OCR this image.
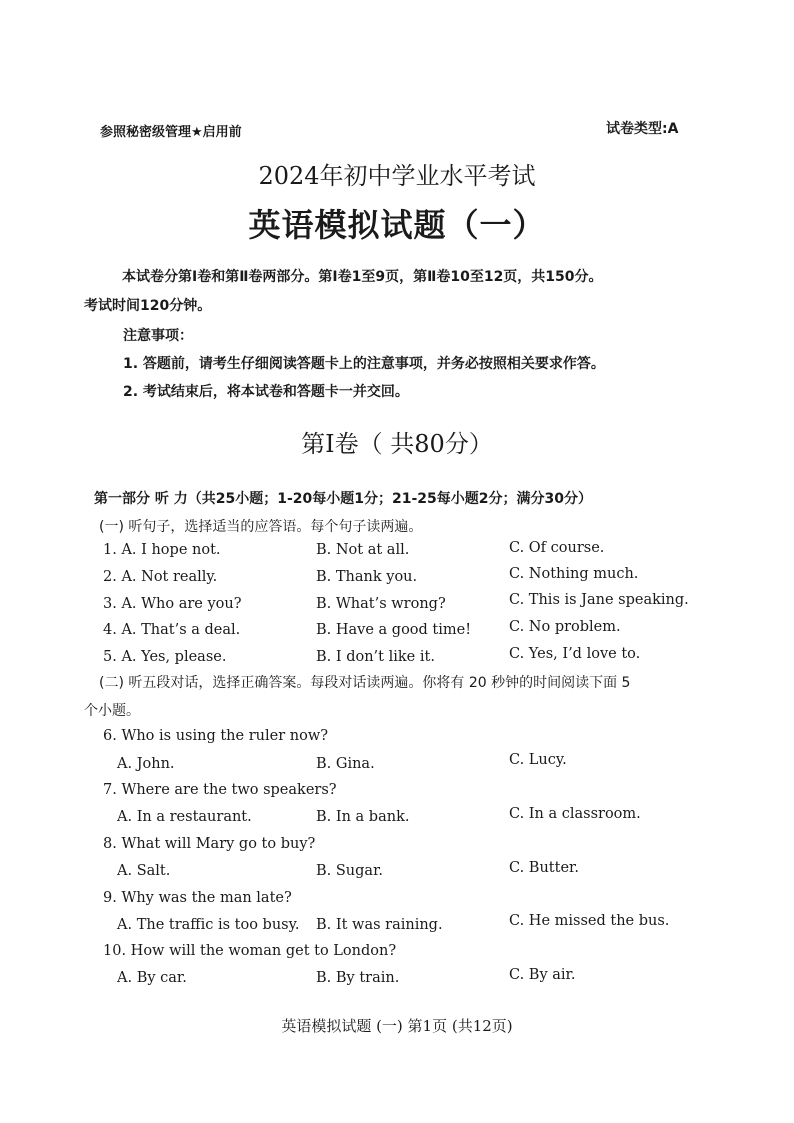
参照秘密级管理★启用前	试卷类型:A
2024年初中学业水平考试
英语模拟试题（一）
本试卷分第Ⅰ卷和第Ⅱ卷两部分。第Ⅰ卷1至9页，第Ⅱ卷10至12页，共150分。
考试时间120分钟。
注意事项：
1. 答题前，请考生仔细阅读答题卡上的注意事项，并务必按照相关要求作答。
2. 考试结束后，将本试卷和答题卡一并交回。
第Ⅰ卷（ 共80分）
第一部分 听 力（共25小题；1-20每小题1分；21-25每小题2分；满分30分）
(一) 听句子，选择适当的应答语。每个句子读两遍。
1. A. I hope not.	B. Not at all.	C. Of course.
2. A. Not really.	B. Thank you.	C. Nothing much.
3. A. Who are you?	B. What’s wrong?	C. This is Jane speaking.
4. A. That’s a deal.	B. Have a good time!	C. No problem.
5. A. Yes, please.	B. I don’t like it.	C. Yes, I’d love to.
(二) 听五段对话，选择正确答案。每段对话读两遍。你将有 20 秒钟的时间阅读下面 5
个小题。
6. Who is using the ruler now?
A. John.	B. Gina.	C. Lucy.
7. Where are the two speakers?
A. In a restaurant.	B. In a bank.	C. In a classroom.
8. What will Mary go to buy?
A. Salt.	B. Sugar.	C. Butter.
9. Why was the man late?
A. The traffic is too busy. B. It was raining.	C. He missed the bus.
10. How will the woman get to London?
A. By car.	B. By train.	C. By air.
英语模拟试题 (一) 第1页 (共12页)
